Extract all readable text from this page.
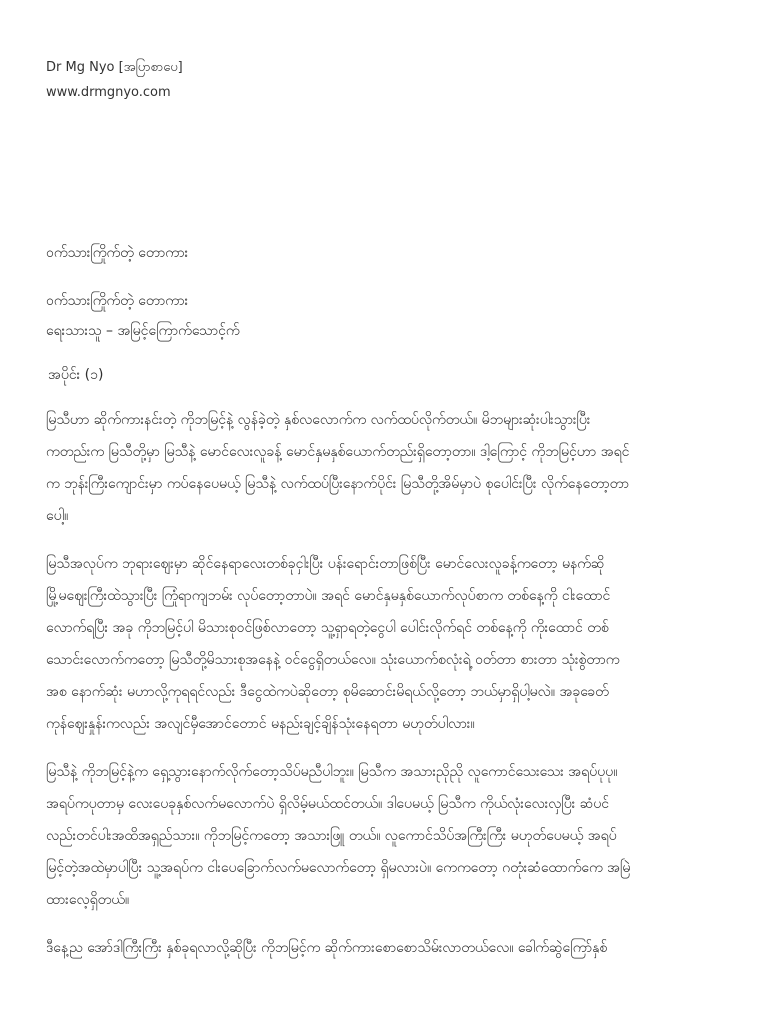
Dr Mg Nyo [အပြာစာပေ]
www.drmgnyo.com
ဝက်သားကြိုက်တဲ့ တောကား
ဝက်သားကြိုက်တဲ့ တောကား
ရေးသားသူ – အမြင့်ကြောက်သောင့်က်
အပိုင်း (၁)
မြသီဟာ ဆိုက်ကားနင်းတဲ့ ကိုဘမြင့်နဲ့ လွန်ခဲ့တဲ့ နှစ်လလောက်က လက်ထပ်လိုက်တယ်။ မိဘများဆုံးပါးသွားပြီး
ကတည်းက မြသီတို့မှာ မြသီနဲ့ မောင်လေးလူခန့် မောင်နှမနှစ်ယောက်တည်းရှိတော့တာ။ ဒါ့ကြောင့် ကိုဘမြင့်ဟာ အရင်
က ဘုန်းကြီးကျောင်းမှာ ကပ်နေပေမယ့် မြသီနဲ့ လက်ထပ်ပြီးနောက်ပိုင်း မြသီတို့အိမ်မှာပဲ စုပေါင်းပြီး လိုက်နေတော့တာ
ပေါ့။
မြသီအလုပ်က ဘုရားဈေးမှာ ဆိုင်နေရာလေးတစ်ခုငှါးပြီး ပန်းရောင်းတာဖြစ်ပြီး မောင်လေးလူခန့်ကတော့ မနက်ဆို
မြို့မဈေးကြီးထဲသွားပြီး ကြုံရာကျဘမ်း လုပ်တော့တာပဲ။ အရင် မောင်နှမနှစ်ယောက်လုပ်စာက တစ်နေ့ကို ငါးထောင်
လောက်ရပြီး အခု ကိုဘမြင့်ပါ မိသားစုဝင်ဖြစ်လာတော့ သူ့ရှာရတဲ့ငွေပါ ပေါင်းလိုက်ရင် တစ်နေ့ကို ကိုးထောင် တစ်
သောင်းလောက်ကတော့ မြသီတို့မိသားစုအနေနဲ့ ဝင်ငွေရှိတယ်လေ။ သုံးယောက်စလုံးရဲ့ ဝတ်တာ စားတာ သုံးစွဲတာက
အစ နောက်ဆုံး မဟာလို့ကုရရင်လည်း ဒီငွေထဲကပဲဆိုတော့ စုမိဆောင်းမိရယ်လို့တော့ ဘယ်မှာရှိပါ့မလဲ။ အခုခေတ်
ကုန်ဈေးနှုန်းကလည်း အလျင်မှီအောင်တောင် မနည်းချင့်ချိန်သုံးနေရတာ မဟုတ်ပါလား။
မြသီနဲ့ ကိုဘမြင့်နဲ့က ရှေ့သွားနောက်လိုက်တော့သိပ်မညီပါဘူး။ မြသီက အသားညိုညို လူကောင်သေးသေး အရပ်ပုပု။
အရပ်ကပုတာမှ လေးပေခုနှစ်လက်မလောက်ပဲ ရှိလိမ့်မယ်ထင်တယ်။ ဒါပေမယ့် မြသီက ကိုယ်လုံးလေးလှပြီး ဆံပင်
လည်းတင်ပါးအထိအရှည်သား။ ကိုဘမြင့်ကတော့ အသားဖြူ တယ်။ လူကောင်သိပ်အကြီးကြီး မဟုတ်ပေမယ့် အရပ်
မြင့်တဲ့အထဲမှာပါပြီး သူ့အရပ်က ငါးပေခြောက်လက်မလောက်တော့ ရှိမလားပဲ။ ကေကတော့ ဂတုံးဆံထောက်ကေ အမြဲ
ထားလေ့ရှိတယ်။
ဒီနေ့ည အော်ဒါကြီးကြီး နှစ်ခုရလာလို့ဆိုပြီး ကိုဘမြင့်က ဆိုက်ကားစောစောသိမ်းလာတယ်လေ။ ခေါက်ဆွဲကြော်နှစ်
